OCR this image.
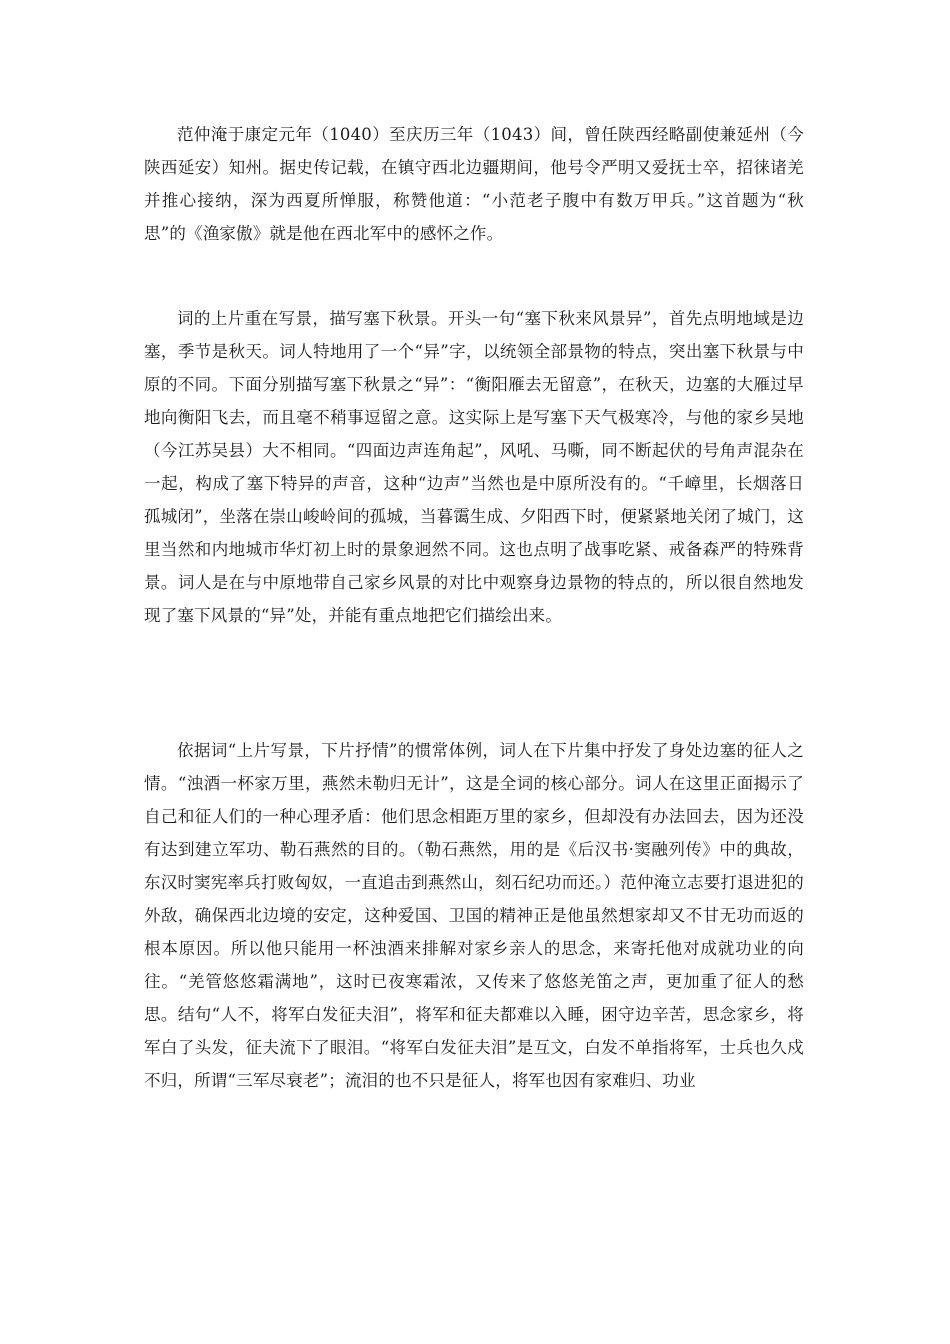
范仲淹于康定元年（1040）至庆历三年（1043）间，曾任陕西经略副使兼延州（今陕西延安）知州。据史传记载，在镇守西北边疆期间，他号令严明又爱抚士卒，招徕诸羌并推心接纳，深为西夏所惮服，称赞他道：“小范老子腹中有数万甲兵。”这首题为“秋思”的《渔家傲》就是他在西北军中的感怀之作。

词的上片重在写景，描写塞下秋景。开头一句“塞下秋来风景异”，首先点明地域是边塞，季节是秋天。词人特地用了一个“异”字，以统领全部景物的特点，突出塞下秋景与中原的不同。下面分别描写塞下秋景之“异”：“衡阳雁去无留意”，在秋天，边塞的大雁过早地向衡阳飞去，而且毫不稍事逗留之意。这实际上是写塞下天气极寒冷，与他的家乡吴地（今江苏吴县）大不相同。“四面边声连角起”，风吼、马嘶，同不断起伏的号角声混杂在一起，构成了塞下特异的声音，这种“边声”当然也是中原所没有的。“千嶂里，长烟落日孤城闭”，坐落在崇山峻岭间的孤城，当暮霭生成、夕阳西下时，便紧紧地关闭了城门，这里当然和内地城市华灯初上时的景象迥然不同。这也点明了战事吃紧、戒备森严的特殊背景。词人是在与中原地带自己家乡风景的对比中观察身边景物的特点的，所以很自然地发现了塞下风景的“异”处，并能有重点地把它们描绘出来。

依据词“上片写景，下片抒情”的惯常体例，词人在下片集中抒发了身处边塞的征人之情。“浊酒一杯家万里，燕然未勒归无计”，这是全词的核心部分。词人在这里正面揭示了自己和征人们的一种心理矛盾：他们思念相距万里的家乡，但却没有办法回去，因为还没有达到建立军功、勒石燕然的目的。（勒石燕然，用的是《后汉书·窦融列传》中的典故，东汉时窦宪率兵打败匈奴，一直追击到燕然山，刻石纪功而还。）范仲淹立志要打退进犯的外敌，确保西北边境的安定，这种爱国、卫国的精神正是他虽然想家却又不甘无功而返的根本原因。所以他只能用一杯浊酒来排解对家乡亲人的思念，来寄托他对成就功业的向往。“羌管悠悠霜满地”，这时已夜寒霜浓，又传来了悠悠羌笛之声，更加重了征人的愁思。结句“人不，将军白发征夫泪”，将军和征夫都难以入睡，困守边辛苦，思念家乡，将军白了头发，征夫流下了眼泪。“将军白发征夫泪”是互文，白发不单指将军，士兵也久戍不归，所谓“三军尽衰老”；流泪的也不只是征人，将军也因有家难归、功业
